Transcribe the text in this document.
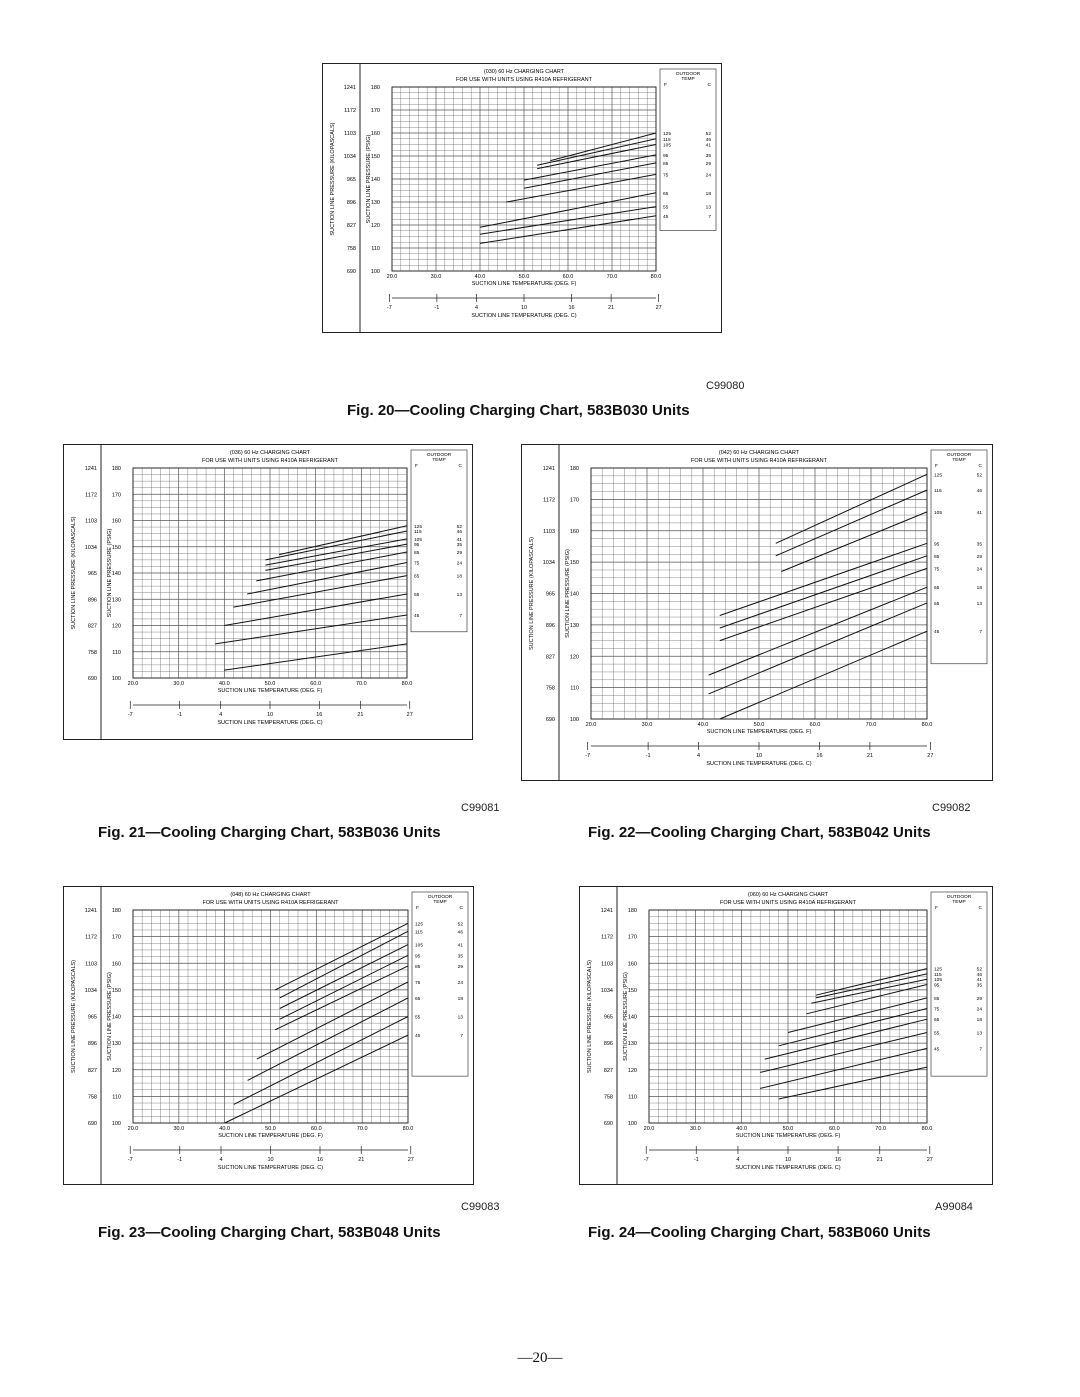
(030) 60 Hz CHARGING CHART
FOR USE WITH UNITS USING R410A REFRIGERANT
180
170
160
150
140
130
120
110
100
1241
1172
1103
1034
965
896
827
758
690
SUCTION LINE PRESSURE (KILOPASCALS)	SUCTION LINE PRESSURE (PSIG)
20.0	30.0	40.0	50.0	60.0	70.0	80.0
SUCTION LINE TEMPERATURE (DEG. F)
-7	-1	4	10	16	21	27
SUCTION LINE TEMPERATURE (DEG. C)
OUTDOOR
TEMP
F	C
125	52
115	46
105	41
95	35
85	29
75	24
65	18
55	13
45	7
C99080
Fig. 20—Cooling Charging Chart, 583B030 Units
(036) 60 Hz CHARGING CHART
FOR USE WITH UNITS USING R410A REFRIGERANT
180
170
160
150
140
130
120
110
100
1241
1172
1103
1034
965
896
827
758
690
SUCTION LINE PRESSURE (KILOPASCALS)	SUCTION LINE PRESSURE (PSIG)
20.0	30.0	40.0	50.0	60.0	70.0	80.0
SUCTION LINE TEMPERATURE (DEG. F)
-7	-1	4	10	16	21	27
SUCTION LINE TEMPERATURE (DEG. C)
OUTDOOR
TEMP
F	C
125	52
115	46
105	41
95	35
85	29
75	24
65	18
55	13
45	7
C99081
Fig. 21—Cooling Charging Chart, 583B036 Units
(042) 60 Hz CHARGING CHART
FOR USE WITH UNITS USING R410A REFRIGERANT
180
170
160
150
140
130
120
110
100
1241
1172
1103
1034
965
896
827
758
690
SUCTION LINE PRESSURE (KILOPASCALS)	SUCTION LINE PRESSURE (PSIG)
20.0	30.0	40.0	50.0	60.0	70.0	80.0
SUCTION LINE TEMPERATURE (DEG. F)
-7	-1	4	10	16	21	27
SUCTION LINE TEMPERATURE (DEG. C)
OUTDOOR
TEMP
F	C
125	52
115	46
105	41
95	35
85	29
75	24
65	18
55	13
45	7
C99082
Fig. 22—Cooling Charging Chart, 583B042 Units
(048) 60 Hz CHARGING CHART
FOR USE WITH UNITS USING R410A REFRIGERANT
180
170
160
150
140
130
120
110
100
1241
1172
1103
1034
965
896
827
758
690
SUCTION LINE PRESSURE (KILOPASCALS)	SUCTION LINE PRESSURE (PSIG)
20.0	30.0	40.0	50.0	60.0	70.0	80.0
SUCTION LINE TEMPERATURE (DEG. F)
-7	-1	4	10	16	21	27
SUCTION LINE TEMPERATURE (DEG. C)
OUTDOOR
TEMP
F	C
125	52
115	46
105	41
95	35
85	29
75	24
65	18
55	13
45	7
C99083
Fig. 23—Cooling Charging Chart, 583B048 Units
(060) 60 Hz CHARGING CHART
FOR USE WITH UNITS USING R410A REFRIGERANT
180
170
160
150
140
130
120
110
100
1241
1172
1103
1034
965
896
827
758
690
SUCTION LINE PRESSURE (KILOPASCALS)	SUCTION LINE PRESSURE (PSIG)
20.0	30.0	40.0	50.0	60.0	70.0	80.0
SUCTION LINE TEMPERATURE (DEG. F)
-7	-1	4	10	16	21	27
SUCTION LINE TEMPERATURE (DEG. C)
OUTDOOR
TEMP
F	C
125	52
115	46
105	41
95	35
85	29
75	24
65	18
55	13
45	7
A99084
Fig. 24—Cooling Charging Chart, 583B060 Units
—20—
